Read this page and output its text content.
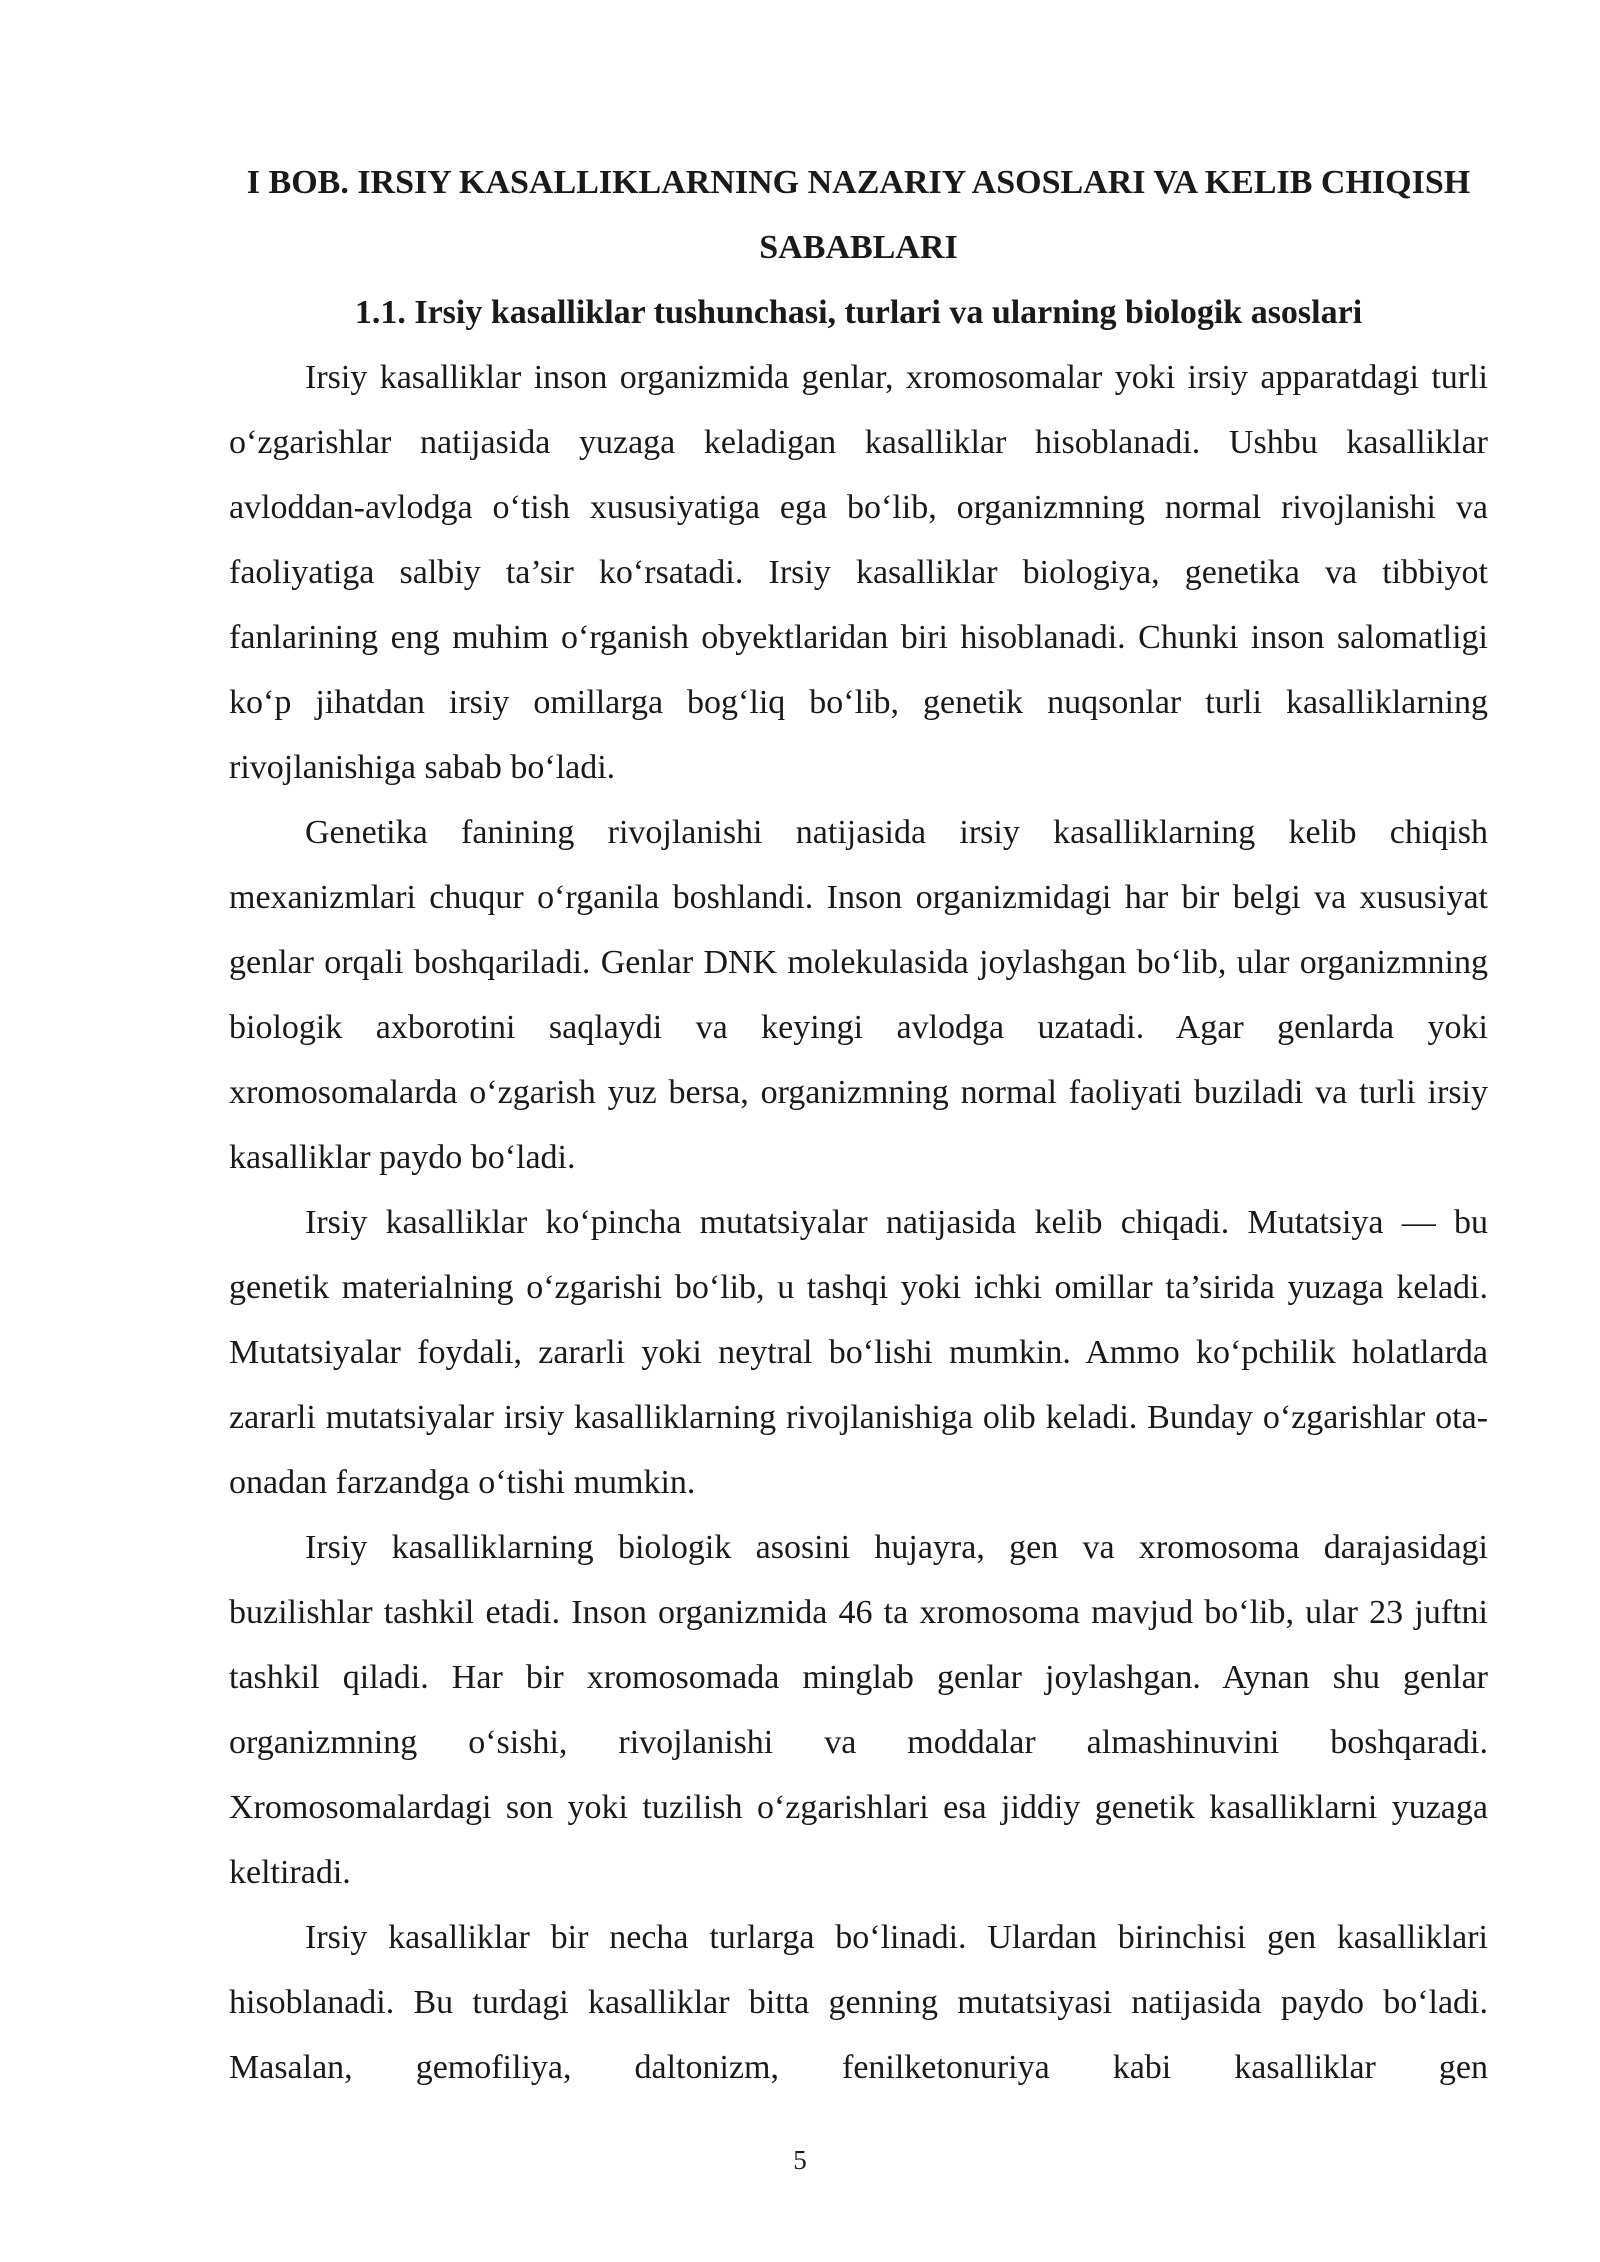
I BOB. IRSIY KASALLIKLARNING NAZARIY ASOSLARI VA KELIB CHIQISH SABABLARI

1.1. Irsiy kasalliklar tushunchasi, turlari va ularning biologik asoslari

Irsiy kasalliklar inson organizmida genlar, xromosomalar yoki irsiy apparatdagi turli o‘zgarishlar natijasida yuzaga keladigan kasalliklar hisoblanadi. Ushbu kasalliklar avloddan-avlodga o‘tish xususiyatiga ega bo‘lib, organizmning normal rivojlanishi va faoliyatiga salbiy ta’sir ko‘rsatadi. Irsiy kasalliklar biologiya, genetika va tibbiyot fanlarining eng muhim o‘rganish obyektlaridan biri hisoblanadi. Chunki inson salomatligi ko‘p jihatdan irsiy omillarga bog‘liq bo‘lib, genetik nuqsonlar turli kasalliklarning rivojlanishiga sabab bo‘ladi.

Genetika fanining rivojlanishi natijasida irsiy kasalliklarning kelib chiqish mexanizmlari chuqur o‘rganila boshlandi. Inson organizmidagi har bir belgi va xususiyat genlar orqali boshqariladi. Genlar DNK molekulasida joylashgan bo‘lib, ular organizmning biologik axborotini saqlaydi va keyingi avlodga uzatadi. Agar genlarda yoki xromosomalarda o‘zgarish yuz bersa, organizmning normal faoliyati buziladi va turli irsiy kasalliklar paydo bo‘ladi.

Irsiy kasalliklar ko‘pincha mutatsiyalar natijasida kelib chiqadi. Mutatsiya — bu genetik materialning o‘zgarishi bo‘lib, u tashqi yoki ichki omillar ta’sirida yuzaga keladi. Mutatsiyalar foydali, zararli yoki neytral bo‘lishi mumkin. Ammo ko‘pchilik holatlarda zararli mutatsiyalar irsiy kasalliklarning rivojlanishiga olib keladi. Bunday o‘zgarishlar ota-onadan farzandga o‘tishi mumkin.

Irsiy kasalliklarning biologik asosini hujayra, gen va xromosoma darajasidagi buzilishlar tashkil etadi. Inson organizmida 46 ta xromosoma mavjud bo‘lib, ular 23 juftni tashkil qiladi. Har bir xromosomada minglab genlar joylashgan. Aynan shu genlar organizmning o‘sishi, rivojlanishi va moddalar almashinuvini boshqaradi. Xromosomalardagi son yoki tuzilish o‘zgarishlari esa jiddiy genetik kasalliklarni yuzaga keltiradi.

Irsiy kasalliklar bir necha turlarga bo‘linadi. Ulardan birinchisi gen kasalliklari hisoblanadi. Bu turdagi kasalliklar bitta genning mutatsiyasi natijasida paydo bo‘ladi. Masalan, gemofiliya, daltonizm, fenilketonuriya kabi kasalliklar gen

5
